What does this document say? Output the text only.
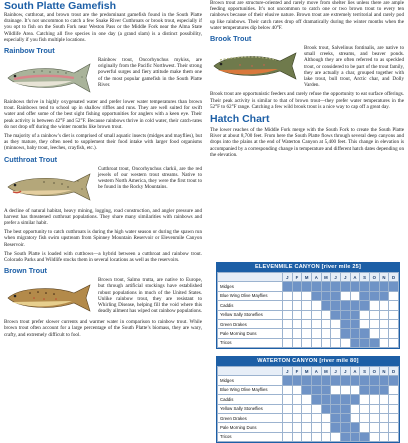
South Platte Gamefish

Rainbow, cutthroat, and brown trout are the predominant gamefish found in the South Platte drainage. It’s not uncommon to catch a few Snake River Cutthroats or brook trout, especially if you opt to fish on the South Fork near Weston Pass or the Middle Fork near the Alma State Wildlife Area. Catching all five species in one day (a grand slam) is a distinct possibility, especially if you fish multiple locations.

Rainbow Trout

Rainbow trout, Oncorhynchus mykiss, are originally from the Pacific Northwest. Their strong powerful surges and fiery attitude make them one of the most popular gamefish in the South Platte River.

Rainbows thrive in highly oxygenated water and prefer lower water temperatures than brown trout. Rainbows tend to school up in shallow riffles and runs. They are well suited for swift water and offer some of the best sight fishing opportunities for anglers with a keen eye. Their peak activity is between 42°F and 52°F. Because rainbows thrive in cold water, their catch-rates do not drop off during the winter months like brown trout.

The majority of a rainbow’s diet is comprised of small aquatic insects (midges and mayflies), but as they mature, they often need to supplement their food intake with larger food organisms (minnows, baby trout, leeches, crayfish, etc.).

Cutthroat Trout

Cutthroat trout, Oncorhynchus clarkii, are the red jewels of our western trout streams. Native to western North America, they were the first trout to be found in the Rocky Mountains.

A decline of natural habitat, heavy mining, logging, road construction, and angler pressure and harvest has threatened cutthroat populations. They share many similarities with rainbows and prefer a similar habit.

The best opportunity to catch cutthroats is during the high water season or during the spawn run when migratory fish swim upstream from Spinney Mountain Reservoir or Elevenmile Canyon Reservoir.

The South Platte is loaded with cuttbows—a hybrid between a cutthroat and rainbow trout. Colorado Parks and Wildlife stocks them in several locations as well as the reservoirs.

Brown Trout

Brown trout, Salmo trutta, are native to Europe, but through artificial stockings have established robust populations in much of the United States. Unlike rainbow trout, they are resistant to Whirling Disease, helping fill the void where this deadly ailment has wiped out rainbow populations.

Brown trout prefer slower currents and warmer water in comparison to rainbow trout. While brown trout often account for a large percentage of the South Platte’s biomass, they are wary, crafty, and extremely difficult to fool.

Brown trout are structure-oriented and rarely move from shelter lies unless there are ample feeding opportunities. It’s not uncommon to catch one or two brown trout to every ten rainbows because of their elusive nature. Brown trout are extremely territorial and rarely pod up like rainbows. Their catch rates drop off dramatically during the winter months when the water temperatures dip below 40°F.

Brook Trout

Brook trout, Salvelinus fontinalis, are native to small creeks, streams, and beaver ponds. Although they are often referred to as speckled trout, or considered to be part of the trout family, they are actually a char, grouped together with lake trout, bull trout, Arctic char, and Dolly Varden.

Brook trout are opportunistic feeders and rarely refuse the opportunity to eat surface offerings. Their peak activity is similar to that of brown trout—they prefer water temperatures in the 52°F to 62°F range. Catching a few wild brook trout is a nice way to cap off a great day.

Hatch Chart

The lower reaches of the Middle Fork merge with the South Fork to create the South Platte River at about 8,700 feet. From here the South Platte flows through several deep canyons and drops into the plains at the end of Waterton Canyon at 5,400 feet. This change in elevation is accompanied by a corresponding change in temperature and different hatch dates depending on the elevation.

ELEVENMILE CANYON [river mile 25]
	J	F	M	A	M	J	J	A	S	O	N	D
Midges												
Blue Wing Olive Mayflies												
Caddis												
Yellow Sally Stoneflies												
Green Drakes												
Pale Morning Duns												
Tricos												
WATERTON CANYON [river mile 80]
	J	F	M	A	M	J	J	A	S	O	N	D
Midges												
Blue Wing Olive Mayflies												
Caddis												
Yellow Sally Stoneflies												
Green Drakes												
Pale Morning Duns												
Tricos												
